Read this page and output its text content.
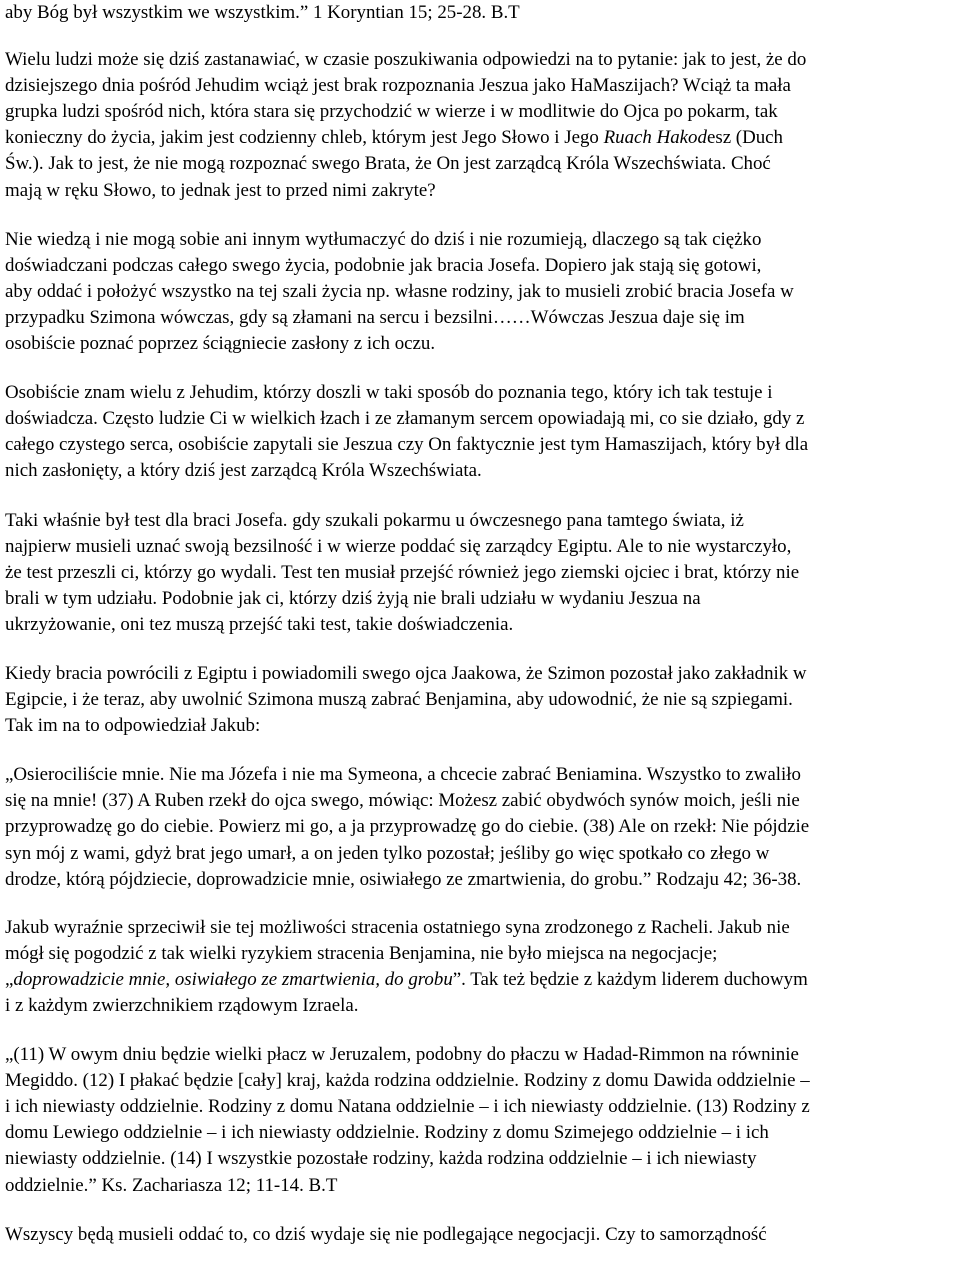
aby Bóg był wszystkim we wszystkim.” 1 Koryntian 15; 25-28. B.T

Wielu ludzi może się dziś zastanawiać, w czasie poszukiwania odpowiedzi na to pytanie: jak to jest, że do
dzisiejszego dnia pośród Jehudim wciąż jest brak rozpoznania Jeszua jako HaMaszijach? Wciąż ta mała
grupka ludzi spośród nich, która stara się przychodzić w wierze i w modlitwie do Ojca po pokarm, tak
konieczny do życia, jakim jest codzienny chleb, którym jest Jego Słowo i Jego Ruach Hakodesz (Duch
Św.). Jak to jest, że nie mogą rozpoznać swego Brata, że On jest zarządcą Króla Wszechświata. Choć
mają w ręku Słowo, to jednak jest to przed nimi zakryte?

Nie wiedzą i nie mogą sobie ani innym wytłumaczyć do dziś i nie rozumieją, dlaczego są tak ciężko
doświadczani podczas całego swego życia, podobnie jak bracia Josefa. Dopiero jak stają się gotowi,
aby oddać i położyć wszystko na tej szali życia np. własne rodziny, jak to musieli zrobić bracia Josefa w
przypadku Szimona wówczas, gdy są złamani na sercu i bezsilni……Wówczas Jeszua daje się im
osobiście poznać poprzez ściągniecie zasłony z ich oczu.

Osobiście znam wielu z Jehudim, którzy doszli w taki sposób do poznania tego, który ich tak testuje i
doświadcza. Często ludzie Ci w wielkich łzach i ze złamanym sercem opowiadają mi, co sie działo, gdy z
całego czystego serca, osobiście zapytali sie Jeszua czy On faktycznie jest tym Hamaszijach, który był dla
nich zasłonięty, a który dziś jest zarządcą Króla Wszechświata.

Taki właśnie był test dla braci Josefa. gdy szukali pokarmu u ówczesnego pana tamtego świata, iż
najpierw musieli uznać swoją bezsilność i w wierze poddać się zarządcy Egiptu. Ale to nie wystarczyło,
że test przeszli ci, którzy go wydali. Test ten musiał przejść również jego ziemski ojciec i brat, którzy nie
brali w tym udziału. Podobnie jak ci, którzy dziś żyją nie brali udziału w wydaniu Jeszua na
ukrzyżowanie, oni tez muszą przejść taki test, takie doświadczenia.

Kiedy bracia powrócili z Egiptu i powiadomili swego ojca Jaakowa, że Szimon pozostał jako zakładnik w
Egipcie, i że teraz, aby uwolnić Szimona muszą zabrać Benjamina, aby udowodnić, że nie są szpiegami.
Tak im na to odpowiedział Jakub:

„Osierociliście mnie. Nie ma Józefa i nie ma Symeona, a chcecie zabrać Beniamina. Wszystko to zwaliło
się na mnie! (37) A Ruben rzekł do ojca swego, mówiąc: Możesz zabić obydwóch synów moich, jeśli nie
przyprowadzę go do ciebie. Powierz mi go, a ja przyprowadzę go do ciebie. (38) Ale on rzekł: Nie pójdzie
syn mój z wami, gdyż brat jego umarł, a on jeden tylko pozostał; jeśliby go więc spotkało co złego w
drodze, którą pójdziecie, doprowadzicie mnie, osiwiałego ze zmartwienia, do grobu.” Rodzaju 42; 36-38.

Jakub wyraźnie sprzeciwił sie tej możliwości stracenia ostatniego syna zrodzonego z Racheli. Jakub nie
mógł się pogodzić z tak wielki ryzykiem stracenia Benjamina, nie było miejsca na negocjacje;
„doprowadzicie mnie, osiwiałego ze zmartwienia, do grobu”. Tak też będzie z każdym liderem duchowym
i z każdym zwierzchnikiem rządowym Izraela.

„(11) W owym dniu będzie wielki płacz w Jeruzalem, podobny do płaczu w Hadad-Rimmon na równinie
Megiddo. (12) I płakać będzie [cały] kraj, każda rodzina oddzielnie. Rodziny z domu Dawida oddzielnie –
i ich niewiasty oddzielnie. Rodziny z domu Natana oddzielnie – i ich niewiasty oddzielnie. (13) Rodziny z
domu Lewiego oddzielnie – i ich niewiasty oddzielnie. Rodziny z domu Szimejego oddzielnie – i ich
niewiasty oddzielnie. (14) I wszystkie pozostałe rodziny, każda rodzina oddzielnie – i ich niewiasty
oddzielnie.” Ks. Zachariasza 12; 11-14. B.T

Wszyscy będą musieli oddać to, co dziś wydaje się nie podlegające negocjacji. Czy to samorządność
